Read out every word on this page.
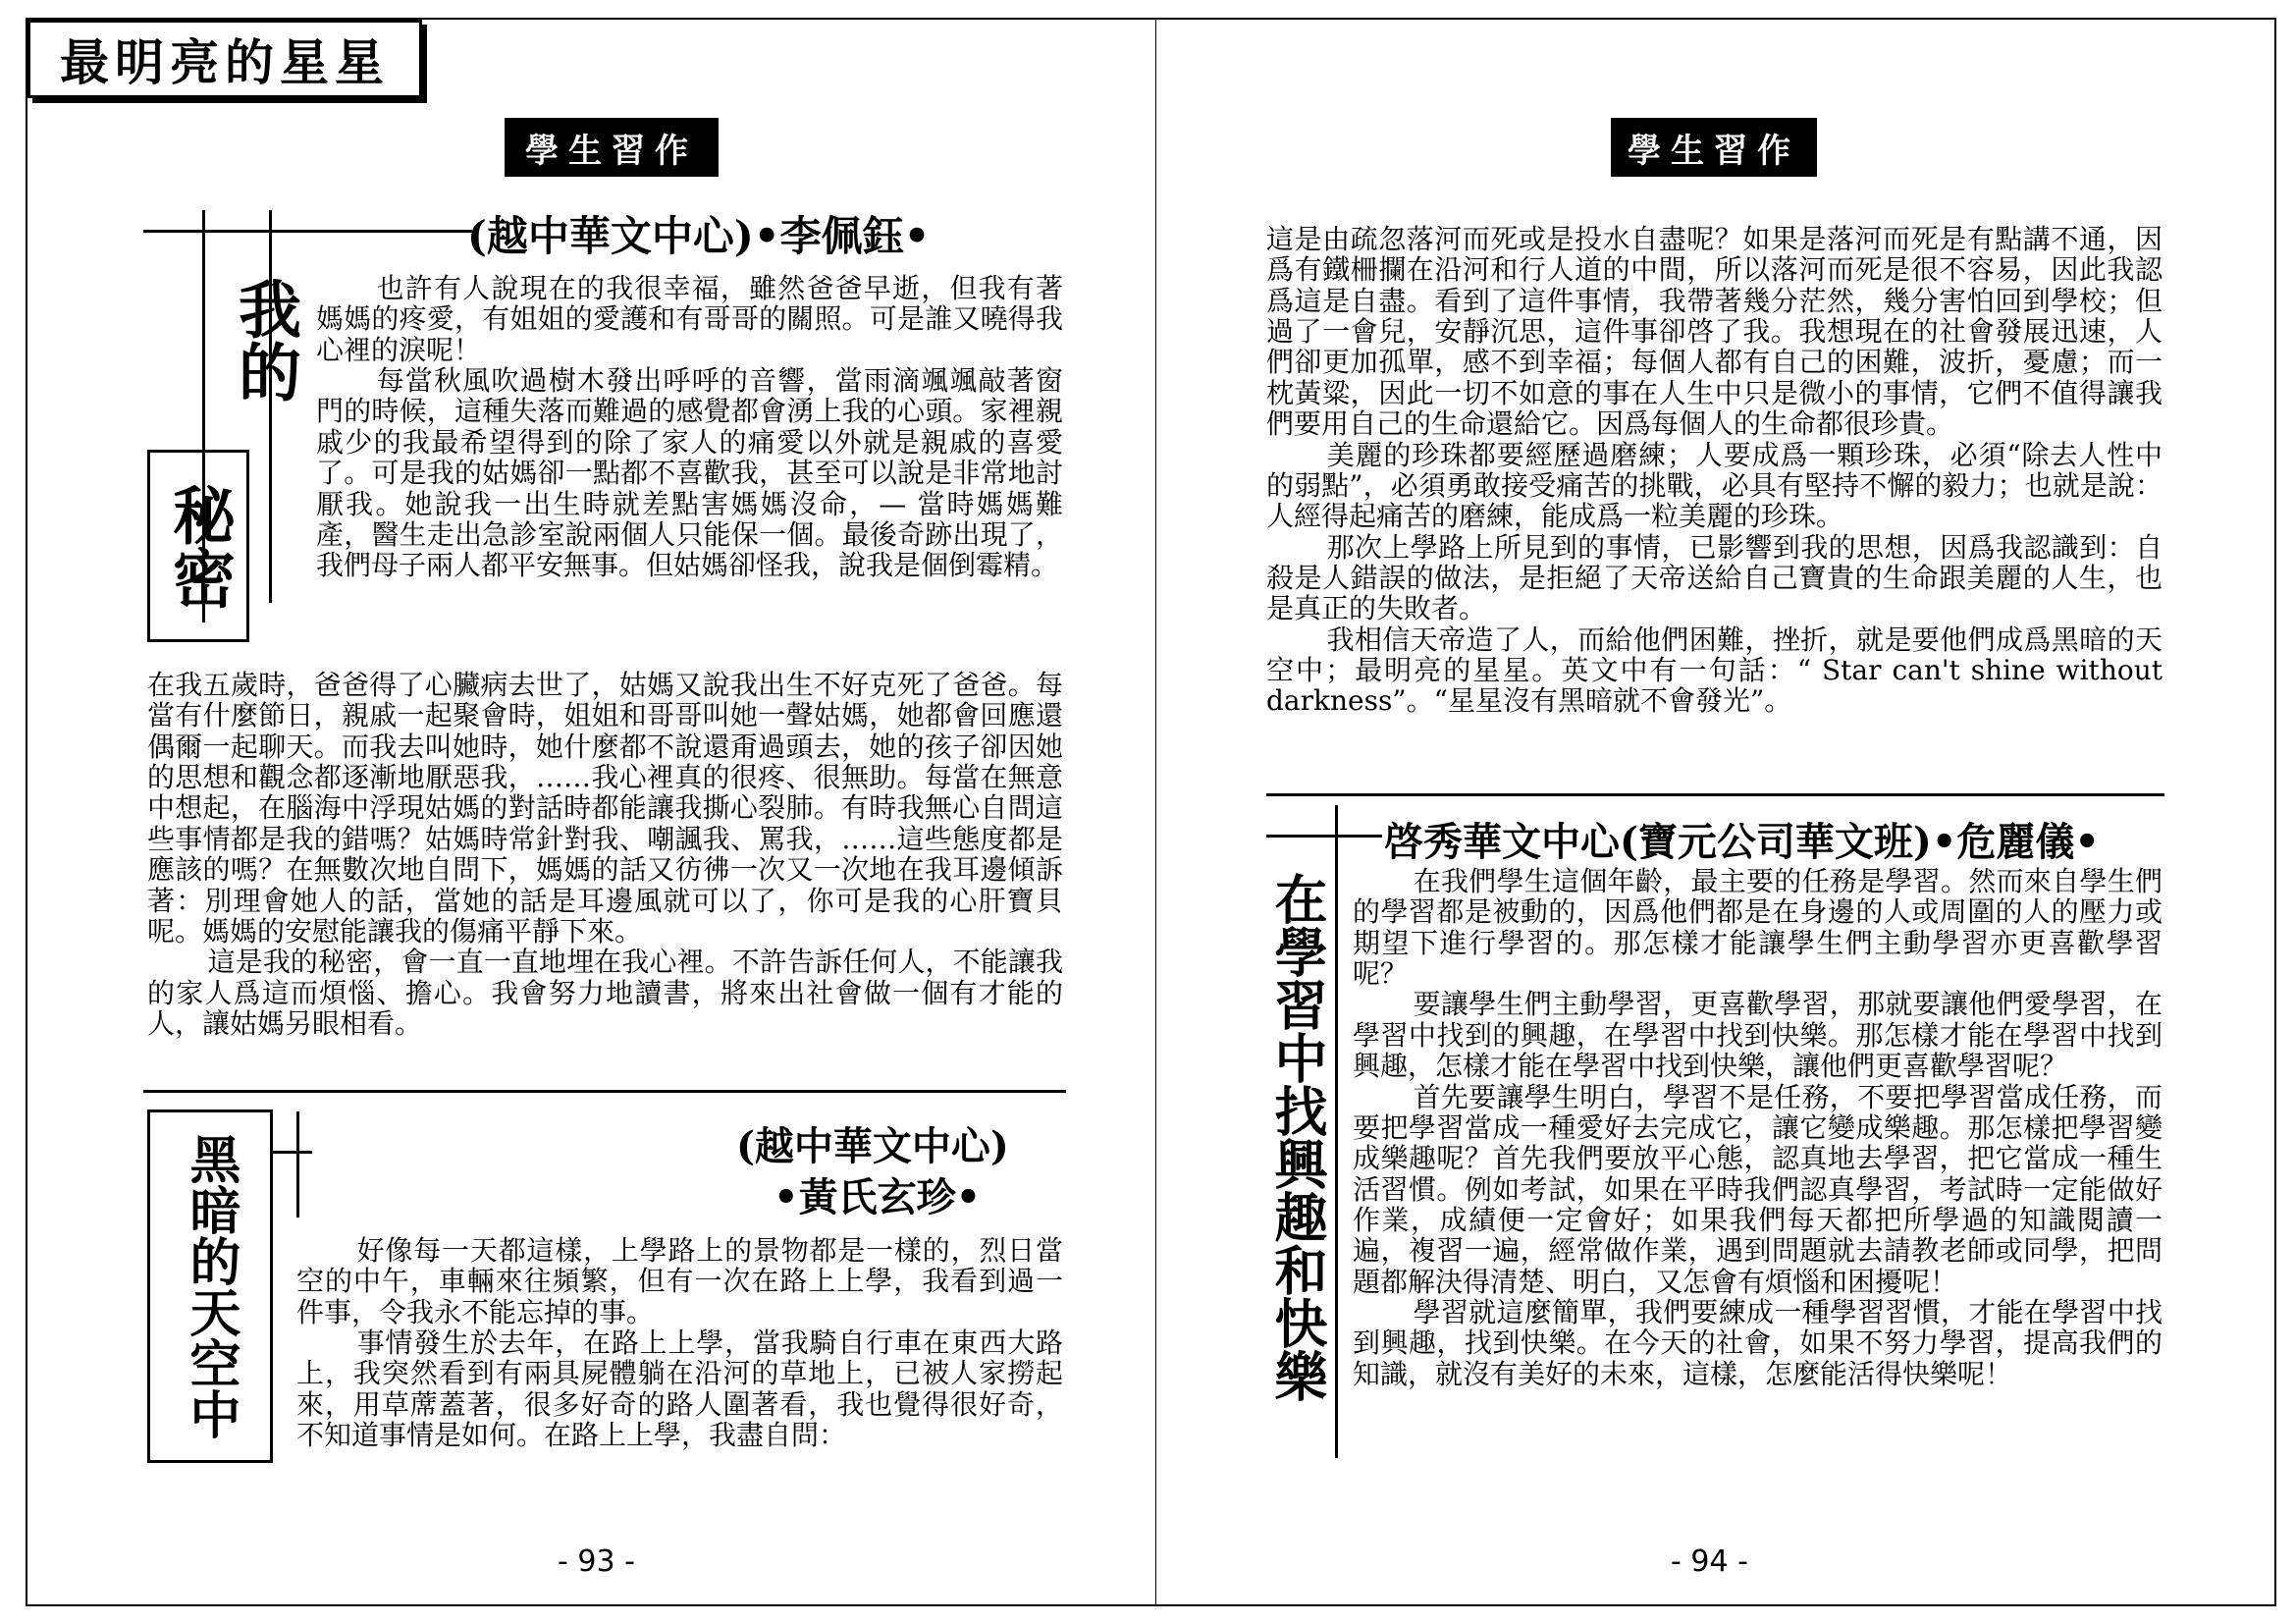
學生習作
我的
秘密
(越中華文中心)•李佩鈺•

也許有人說現在的我很幸福，雖然爸爸早逝，但我有著媽媽的疼愛，有姐姐的愛護和有哥哥的關照。可是誰又曉得我心裡的淚呢！

每當秋風吹過樹木發出呼呼的音響，當雨滴颯颯敲著窗門的時候，這種失落而難過的感覺都會湧上我的心頭。家裡親戚少的我最希望得到的除了家人的痛愛以外就是親戚的喜愛了。可是我的姑媽卻一點都不喜歡我，甚至可以說是非常地討厭我。她說我一出生時就差點害媽媽沒命，— 當時媽媽難產，醫生走出急診室說兩個人只能保一個。最後奇跡出現了，我們母子兩人都平安無事。但姑媽卻怪我，說我是個倒霉精。

在我五歲時，爸爸得了心臟病去世了，姑媽又說我出生不好克死了爸爸。每當有什麼節日，親戚一起聚會時，姐姐和哥哥叫她一聲姑媽，她都會回應還偶爾一起聊天。而我去叫她時，她什麼都不說還甭過頭去，她的孩子卻因她的思想和觀念都逐漸地厭惡我，……我心裡真的很疼、很無助。每當在無意中想起，在腦海中浮現姑媽的對話時都能讓我撕心裂肺。有時我無心自問這些事情都是我的錯嗎？姑媽時常針對我、嘲諷我、罵我，……這些態度都是應該的嗎？在無數次地自問下，媽媽的話又彷彿一次又一次地在我耳邊傾訴著：別理會她人的話，當她的話是耳邊風就可以了，你可是我的心肝寶貝呢。媽媽的安慰能讓我的傷痛平靜下來。

這是我的秘密，會一直一直地埋在我心裡。不許告訴任何人，不能讓我的家人爲這而煩惱、擔心。我會努力地讀書，將來出社會做一個有才能的人，讓姑媽另眼相看。

黑暗的天空中
最明亮的星星
(越中華文中心)
•黃氏玄珍•

好像每一天都這樣，上學路上的景物都是一樣的，烈日當空的中午，車輛來往頻繁，但有一次在路上上學，我看到過一件事，令我永不能忘掉的事。

事情發生於去年，在路上上學，當我騎自行車在東西大路上，我突然看到有兩具屍體躺在沿河的草地上，已被人家撈起來，用草蓆蓋著，很多好奇的路人圍著看，我也覺得很好奇，不知道事情是如何。在路上上學，我盡自問：

- 93 -
學生習作

這是由疏忽落河而死或是投水自盡呢？如果是落河而死是有點講不通，因爲有鐵柵攔在沿河和行人道的中間，所以落河而死是很不容易，因此我認爲這是自盡。看到了這件事情，我帶著幾分茫然，幾分害怕回到學校；但過了一會兒，安靜沉思，這件事卻啓了我。我想現在的社會發展迅速，人們卻更加孤單，感不到幸福；每個人都有自己的困難，波折，憂慮；而一枕黃粱，因此一切不如意的事在人生中只是微小的事情，它們不值得讓我們要用自己的生命還給它。因爲每個人的生命都很珍貴。

美麗的珍珠都要經歷過磨練；人要成爲一顆珍珠，必須“除去人性中的弱點”，必須勇敢接受痛苦的挑戰，必具有堅持不懈的毅力；也就是說：人經得起痛苦的磨練，能成爲一粒美麗的珍珠。

那次上學路上所見到的事情，已影響到我的思想，因爲我認識到：自殺是人錯誤的做法，是拒絕了天帝送給自己寶貴的生命跟美麗的人生，也是真正的失敗者。

我相信天帝造了人，而給他們困難，挫折，就是要他們成爲黑暗的天空中；最明亮的星星。英文中有一句話：“ Star can't shine without darkness”。“星星沒有黑暗就不會發光”。

啓秀華文中心(寶元公司華文班)•危麗儀•
在學習中找興趣和快樂	在我們學生這個年齡，最主要的任務是學習。然而來自學生們的學習都是被動的，因爲他們都是在身邊的人或周圍的人的壓力或期望下進行學習的。那怎樣才能讓學生們主動學習亦更喜歡學習呢？

要讓學生們主動學習，更喜歡學習，那就要讓他們愛學習，在學習中找到的興趣，在學習中找到快樂。那怎樣才能在學習中找到興趣，怎樣才能在學習中找到快樂，讓他們更喜歡學習呢？

首先要讓學生明白，學習不是任務，不要把學習當成任務，而要把學習當成一種愛好去完成它，讓它變成樂趣。那怎樣把學習變成樂趣呢？首先我們要放平心態，認真地去學習，把它當成一種生活習慣。例如考試，如果在平時我們認真學習，考試時一定能做好作業，成績便一定會好；如果我們每天都把所學過的知識閱讀一遍，複習一遍，經常做作業，遇到問題就去請教老師或同學，把問題都解決得清楚、明白，又怎會有煩惱和困擾呢！

學習就這麼簡單，我們要練成一種學習習慣，才能在學習中找到興趣，找到快樂。在今天的社會，如果不努力學習，提高我們的知識，就沒有美好的未來，這樣，怎麼能活得快樂呢！

- 94 -
